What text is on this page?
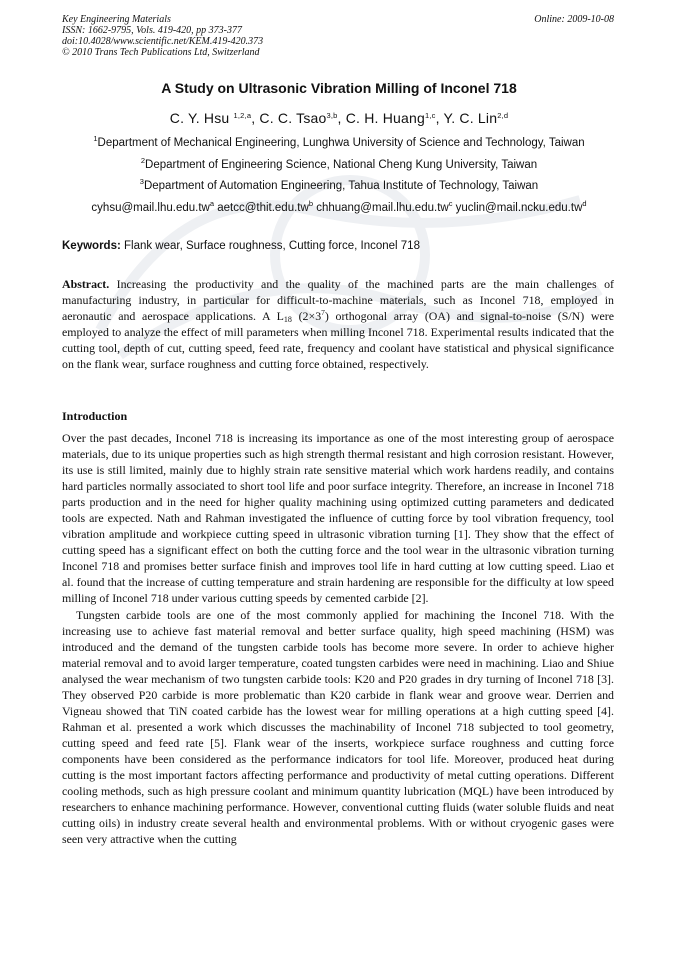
Key Engineering Materials
ISSN: 1662-9795, Vols. 419-420, pp 373-377
doi:10.4028/www.scientific.net/KEM.419-420.373
© 2010 Trans Tech Publications Ltd, Switzerland
Online: 2009-10-08
A Study on Ultrasonic Vibration Milling of Inconel 718
C. Y. Hsu $^{1,2,a}$, C. C. Tsao$^{3,b}$, C. H. Huang$^{1,c}$, Y. C. Lin$^{2,d}$
$^1$Department of Mechanical Engineering, Lunghwa University of Science and Technology, Taiwan
$^2$Department of Engineering Science, National Cheng Kung University, Taiwan
$^3$Department of Automation Engineering, Tahua Institute of Technology, Taiwan
$cyhsu@mail.lhu.edu.tw^a$ $aetcc@thit.edu.tw^b$ $chhuang@mail.lhu.edu.tw^c$ $yuclin@mail.ncku.edu.tw^d$
Keywords: Flank wear, Surface roughness, Cutting force, Inconel 718
Abstract. Increasing the productivity and the quality of the machined parts are the main challenges of manufacturing industry, in particular for difficult-to-machine materials, such as Inconel 718, employed in aeronautic and aerospace applications. A $L_{18}$ $(2\times 3^7)$ orthogonal array (OA) and signal-to-noise (S/N) were employed to analyze the effect of mill parameters when milling Inconel 718. Experimental results indicated that the cutting tool, depth of cut, cutting speed, feed rate, frequency and coolant have statistical and physical significance on the flank wear, surface roughness and cutting force obtained, respectively.
Introduction

Over the past decades, Inconel 718 is increasing its importance as one of the most interesting group of aerospace materials, due to its unique properties such as high strength thermal resistant and high corrosion resistant. However, its use is still limited, mainly due to highly strain rate sensitive material which work hardens readily, and contains hard particles normally associated to short tool life and poor surface integrity. Therefore, an increase in Inconel 718 parts production and in the need for higher quality machining using optimized cutting parameters and dedicated tools are expected. Nath and Rahman investigated the influence of cutting force by tool vibration frequency, tool vibration amplitude and workpiece cutting speed in ultrasonic vibration turning [1]. They show that the effect of cutting speed has a significant effect on both the cutting force and the tool wear in the ultrasonic vibration turning Inconel 718 and promises better surface finish and improves tool life in hard cutting at low cutting speed. Liao et al. found that the increase of cutting temperature and strain hardening are responsible for the difficulty at low speed milling of Inconel 718 under various cutting speeds by cemented carbide [2].

Tungsten carbide tools are one of the most commonly applied for machining the Inconel 718. With the increasing use to achieve fast material removal and better surface quality, high speed machining (HSM) was introduced and the demand of the tungsten carbide tools has become more severe. In order to achieve higher material removal and to avoid larger temperature, coated tungsten carbides were need in machining. Liao and Shiue analysed the wear mechanism of two tungsten carbide tools: K20 and P20 grades in dry turning of Inconel 718 [3]. They observed P20 carbide is more problematic than K20 carbide in flank wear and groove wear. Derrien and Vigneau showed that TiN coated carbide has the lowest wear for milling operations at a high cutting speed [4]. Rahman et al. presented a work which discusses the machinability of Inconel 718 subjected to tool geometry, cutting speed and feed rate [5]. Flank wear of the inserts, workpiece surface roughness and cutting force components have been considered as the performance indicators for tool life. Moreover, produced heat during cutting is the most important factors affecting performance and productivity of metal cutting operations. Different cooling methods, such as high pressure coolant and minimum quantity lubrication (MQL) have been introduced by researchers to enhance machining performance. However, conventional cutting fluids (water soluble fluids and neat cutting oils) in industry create several health and environmental problems. With or without cryogenic gases were seen very attractive when the cutting
